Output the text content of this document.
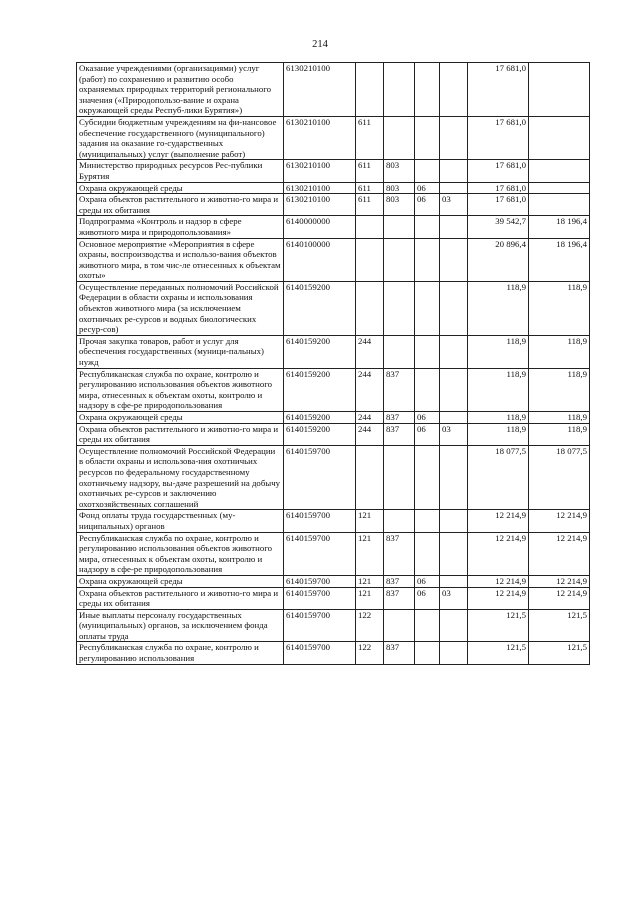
214
Оказание учреждениями (организациями) услуг (работ) по сохранению и развитию особо охраняемых природных территорий регионального значения («Природопользо-вание и охрана окружающей среды Респуб-лики Бурятия»)	6130210100					17 681,0	
Субсидии бюджетным учреждениям на фи-нансовое обеспечение государственного (муниципального) задания на оказание го-сударственных (муниципальных) услуг (выполнение работ)	6130210100	611				17 681,0	
Министерство природных ресурсов Рес-публики Бурятия	6130210100	611	803			17 681,0	
Охрана окружающей среды	6130210100	611	803	06		17 681,0	
Охрана объектов растительного и животно-го мира и среды их обитания	6130210100	611	803	06	03	17 681,0	
Подпрограмма «Контроль и надзор в сфере животного мира и природопользования»	6140000000					39 542,7	18 196,4
Основное мероприятие «Мероприятия в сфере охраны, воспроизводства и использо-вания объектов животного мира, в том чис-ле отнесенных к объектам охоты»	6140100000					20 896,4	18 196,4
Осуществление переданных полномочий Российской Федерации в области охраны и использования объектов животного мира (за исключением охотничьих ре-сурсов и водных биологических ресур-сов)	6140159200					118,9	118,9
Прочая закупка товаров, работ и услуг для обеспечения государственных (муници-пальных) нужд	6140159200	244				118,9	118,9
Республиканская служба по охране, контролю и регулированию использования объектов животного мира, отнесенных к объектам охоты, контролю и надзору в сфе-ре природопользования	6140159200	244	837			118,9	118,9
Охрана окружающей среды	6140159200	244	837	06		118,9	118,9
Охрана объектов растительного и животно-го мира и среды их обитания	6140159200	244	837	06	03	118,9	118,9
Осуществление полномочий Российской Федерации в области охраны и использова-ния охотничьих ресурсов по федеральному государственному охотничьему надзору, вы-даче разрешений на добычу охотничьих ре-сурсов и заключению охотхозяйственных соглашений	6140159700					18 077,5	18 077,5
Фонд оплаты труда государственных (му-ниципальных) органов	6140159700	121				12 214,9	12 214,9
Республиканская служба по охране, контролю и регулированию использования объектов животного мира, отнесенных к объектам охоты, контролю и надзору в сфе-ре природопользования	6140159700	121	837			12 214,9	12 214,9
Охрана окружающей среды	6140159700	121	837	06		12 214,9	12 214,9
Охрана объектов растительного и животно-го мира и среды их обитания	6140159700	121	837	06	03	12 214,9	12 214,9
Иные выплаты персоналу государственных (муниципальных) органов, за исключением фонда оплаты труда	6140159700	122				121,5	121,5
Республиканская служба по охране, контролю и регулированию использования	6140159700	122	837			121,5	121,5
